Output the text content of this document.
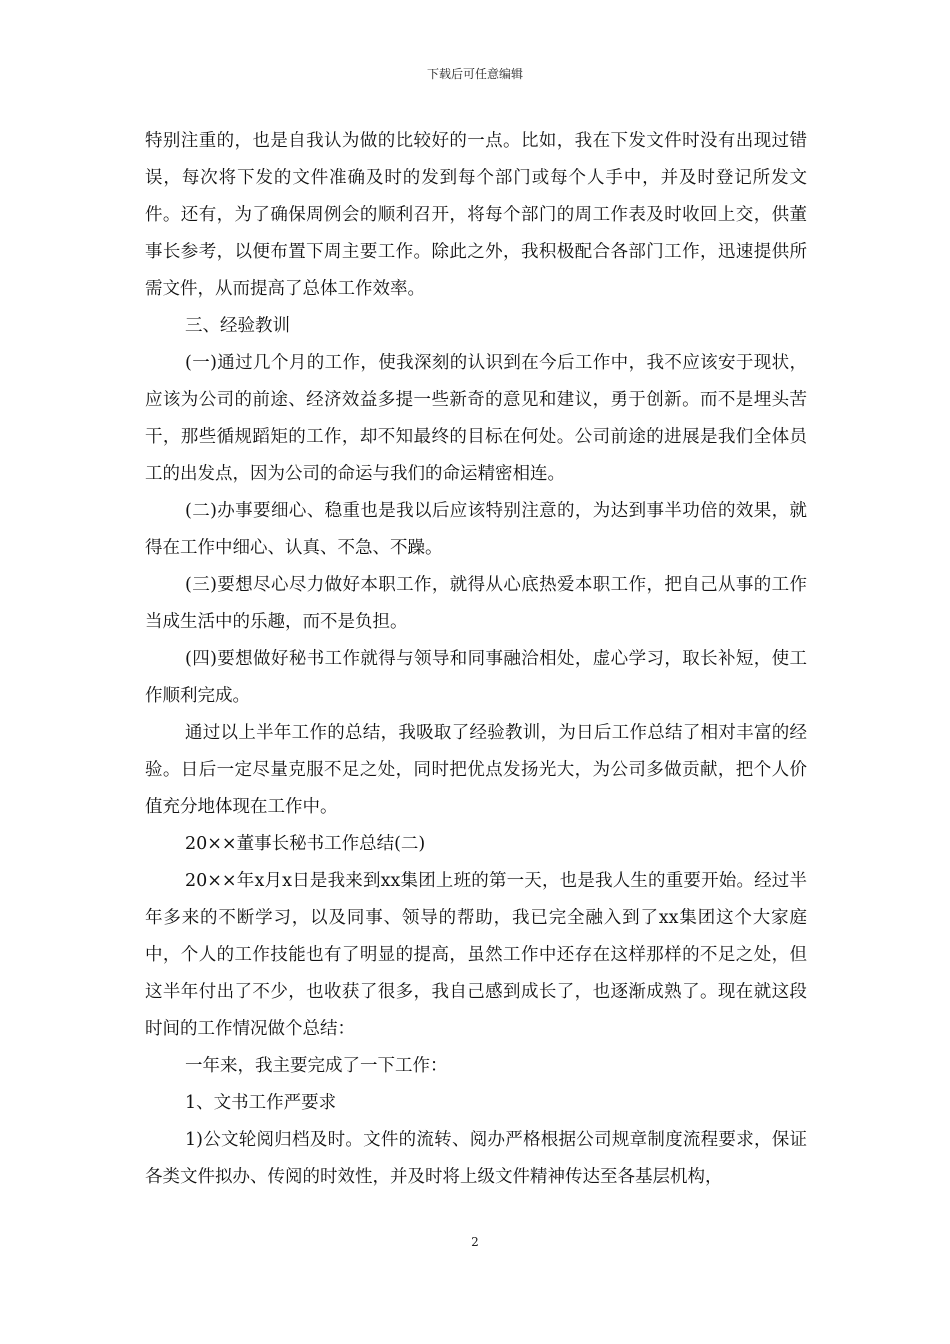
下载后可任意编辑

特别注重的，也是自我认为做的比较好的一点。比如，我在下发文件时没有出现过错误，每次将下发的文件准确及时的发到每个部门或每个人手中，并及时登记所发文件。还有，为了确保周例会的顺利召开，将每个部门的周工作表及时收回上交，供董事长参考，以便布置下周主要工作。除此之外，我积极配合各部门工作，迅速提供所需文件，从而提高了总体工作效率。

三、经验教训

(一)通过几个月的工作，使我深刻的认识到在今后工作中，我不应该安于现状，应该为公司的前途、经济效益多提一些新奇的意见和建议，勇于创新。而不是埋头苦干，那些循规蹈矩的工作，却不知最终的目标在何处。公司前途的进展是我们全体员工的出发点，因为公司的命运与我们的命运精密相连。

(二)办事要细心、稳重也是我以后应该特别注意的，为达到事半功倍的效果，就得在工作中细心、认真、不急、不躁。

(三)要想尽心尽力做好本职工作，就得从心底热爱本职工作，把自己从事的工作当成生活中的乐趣，而不是负担。

(四)要想做好秘书工作就得与领导和同事融洽相处，虚心学习，取长补短，使工作顺利完成。

通过以上半年工作的总结，我吸取了经验教训，为日后工作总结了相对丰富的经验。日后一定尽量克服不足之处，同时把优点发扬光大，为公司多做贡献，把个人价值充分地体现在工作中。

20××董事长秘书工作总结(二)

20××年x月x日是我来到xx集团上班的第一天，也是我人生的重要开始。经过半年多来的不断学习，以及同事、领导的帮助，我已完全融入到了xx集团这个大家庭中，个人的工作技能也有了明显的提高，虽然工作中还存在这样那样的不足之处，但这半年付出了不少，也收获了很多，我自己感到成长了，也逐渐成熟了。现在就这段时间的工作情况做个总结：

一年来，我主要完成了一下工作：

1、文书工作严要求

1)公文轮阅归档及时。文件的流转、阅办严格根据公司规章制度流程要求，保证各类文件拟办、传阅的时效性，并及时将上级文件精神传达至各基层机构，

2
